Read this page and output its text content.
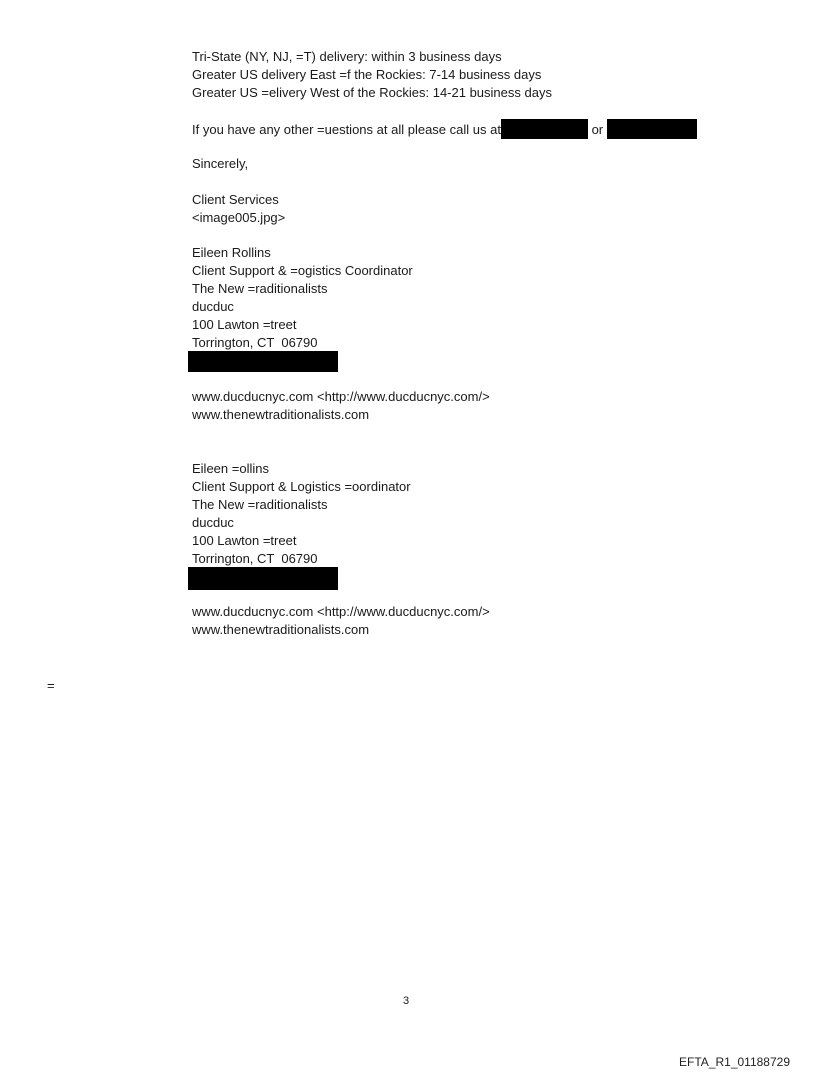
Tri-State (NY, NJ, =T) delivery: within 3 business days
Greater US delivery East =f the Rockies: 7-14 business days
Greater US =elivery West of the Rockies: 14-21 business days
If you have any other =uestions at all please call us at	or
Sincerely,
Client Services
<image005.jpg>
Eileen Rollins
Client Support & =ogistics Coordinator
The New =raditionalists
ducduc
100 Lawton =treet
Torrington, CT  06790
www.ducducnyc.com <http://www.ducducnyc.com/>
www.thenewtraditionalists.com
Eileen =ollins
Client Support & Logistics =oordinator
The New =raditionalists
ducduc
100 Lawton =treet
Torrington, CT  06790
www.ducducnyc.com <http://www.ducducnyc.com/>
www.thenewtraditionalists.com
=
3
EFTA_R1_01188729
